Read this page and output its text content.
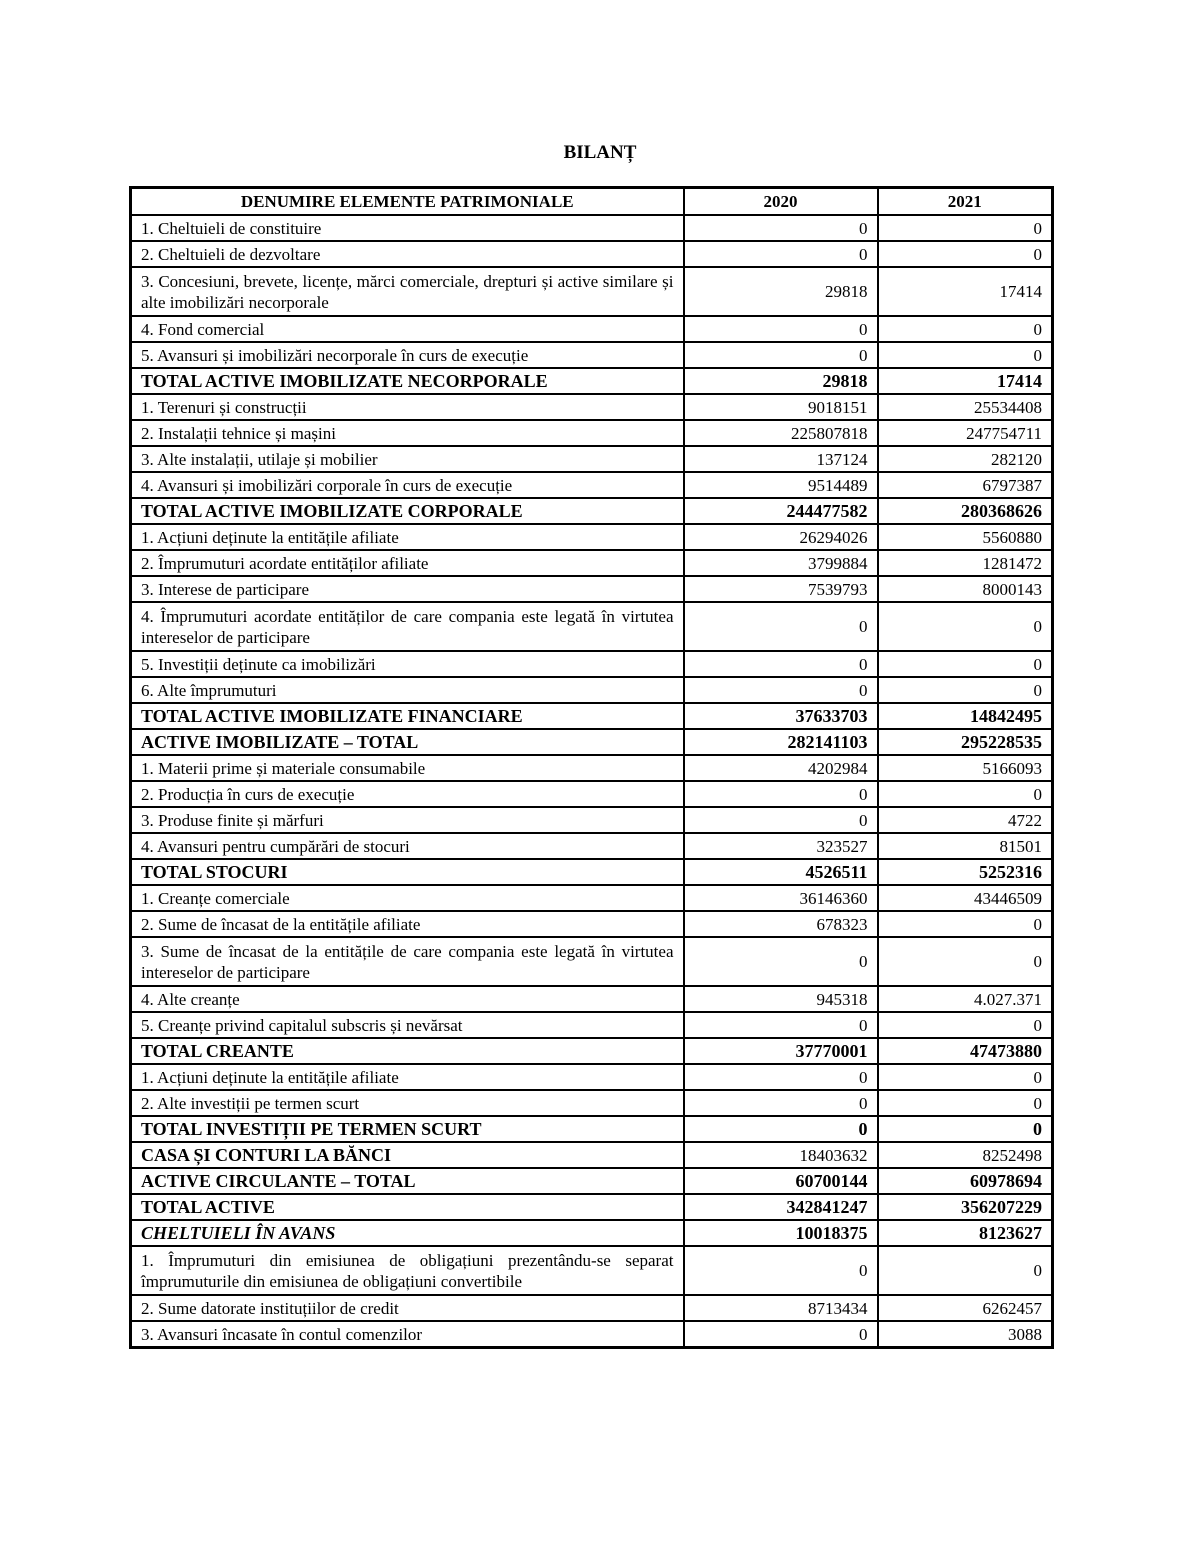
BILANȚ
DENUMIRE ELEMENTE PATRIMONIALE	2020	2021
1. Cheltuieli de constituire	0	0
2. Cheltuieli de dezvoltare	0	0
3. Concesiuni, brevete, licențe, mărci comerciale, drepturi și active similare și alte imobilizări necorporale	29818	17414
4. Fond comercial	0	0
5. Avansuri și imobilizări necorporale în curs de execuție	0	0
TOTAL ACTIVE IMOBILIZATE NECORPORALE	29818	17414
1. Terenuri și construcții	9018151	25534408
2. Instalații tehnice și mașini	225807818	247754711
3. Alte instalații, utilaje și mobilier	137124	282120
4. Avansuri și imobilizări corporale în curs de execuție	9514489	6797387
TOTAL ACTIVE IMOBILIZATE CORPORALE	244477582	280368626
1. Acțiuni deținute la entitățile afiliate	26294026	5560880
2. Împrumuturi acordate entităților afiliate	3799884	1281472
3. Interese de participare	7539793	8000143
4. Împrumuturi acordate entităților de care compania este legată în virtutea intereselor de participare	0	0
5. Investiții deținute ca imobilizări	0	0
6. Alte împrumuturi	0	0
TOTAL ACTIVE IMOBILIZATE FINANCIARE	37633703	14842495
ACTIVE IMOBILIZATE – TOTAL	282141103	295228535
1. Materii prime și materiale consumabile	4202984	5166093
2. Producția în curs de execuție	0	0
3. Produse finite și mărfuri	0	4722
4. Avansuri pentru cumpărări de stocuri	323527	81501
TOTAL STOCURI	4526511	5252316
1. Creanțe comerciale	36146360	43446509
2. Sume de încasat de la entitățile afiliate	678323	0
3. Sume de încasat de la entitățile de care compania este legată în virtutea intereselor de participare	0	0
4. Alte creanțe	945318	4.027.371
5. Creanțe privind capitalul subscris și nevărsat	0	0
TOTAL CREANTE	37770001	47473880
1. Acțiuni deținute la entitățile afiliate	0	0
2. Alte investiții pe termen scurt	0	0
TOTAL INVESTIȚII PE TERMEN SCURT	0	0
CASA ȘI CONTURI LA BĂNCI	18403632	8252498
ACTIVE CIRCULANTE – TOTAL	60700144	60978694
TOTAL ACTIVE	342841247	356207229
CHELTUIELI ÎN AVANS	10018375	8123627
1. Împrumuturi din emisiunea de obligațiuni prezentându-se separat împrumuturile din emisiunea de obligațiuni convertibile	0	0
2. Sume datorate instituțiilor de credit	8713434	6262457
3. Avansuri încasate în contul comenzilor	0	3088
